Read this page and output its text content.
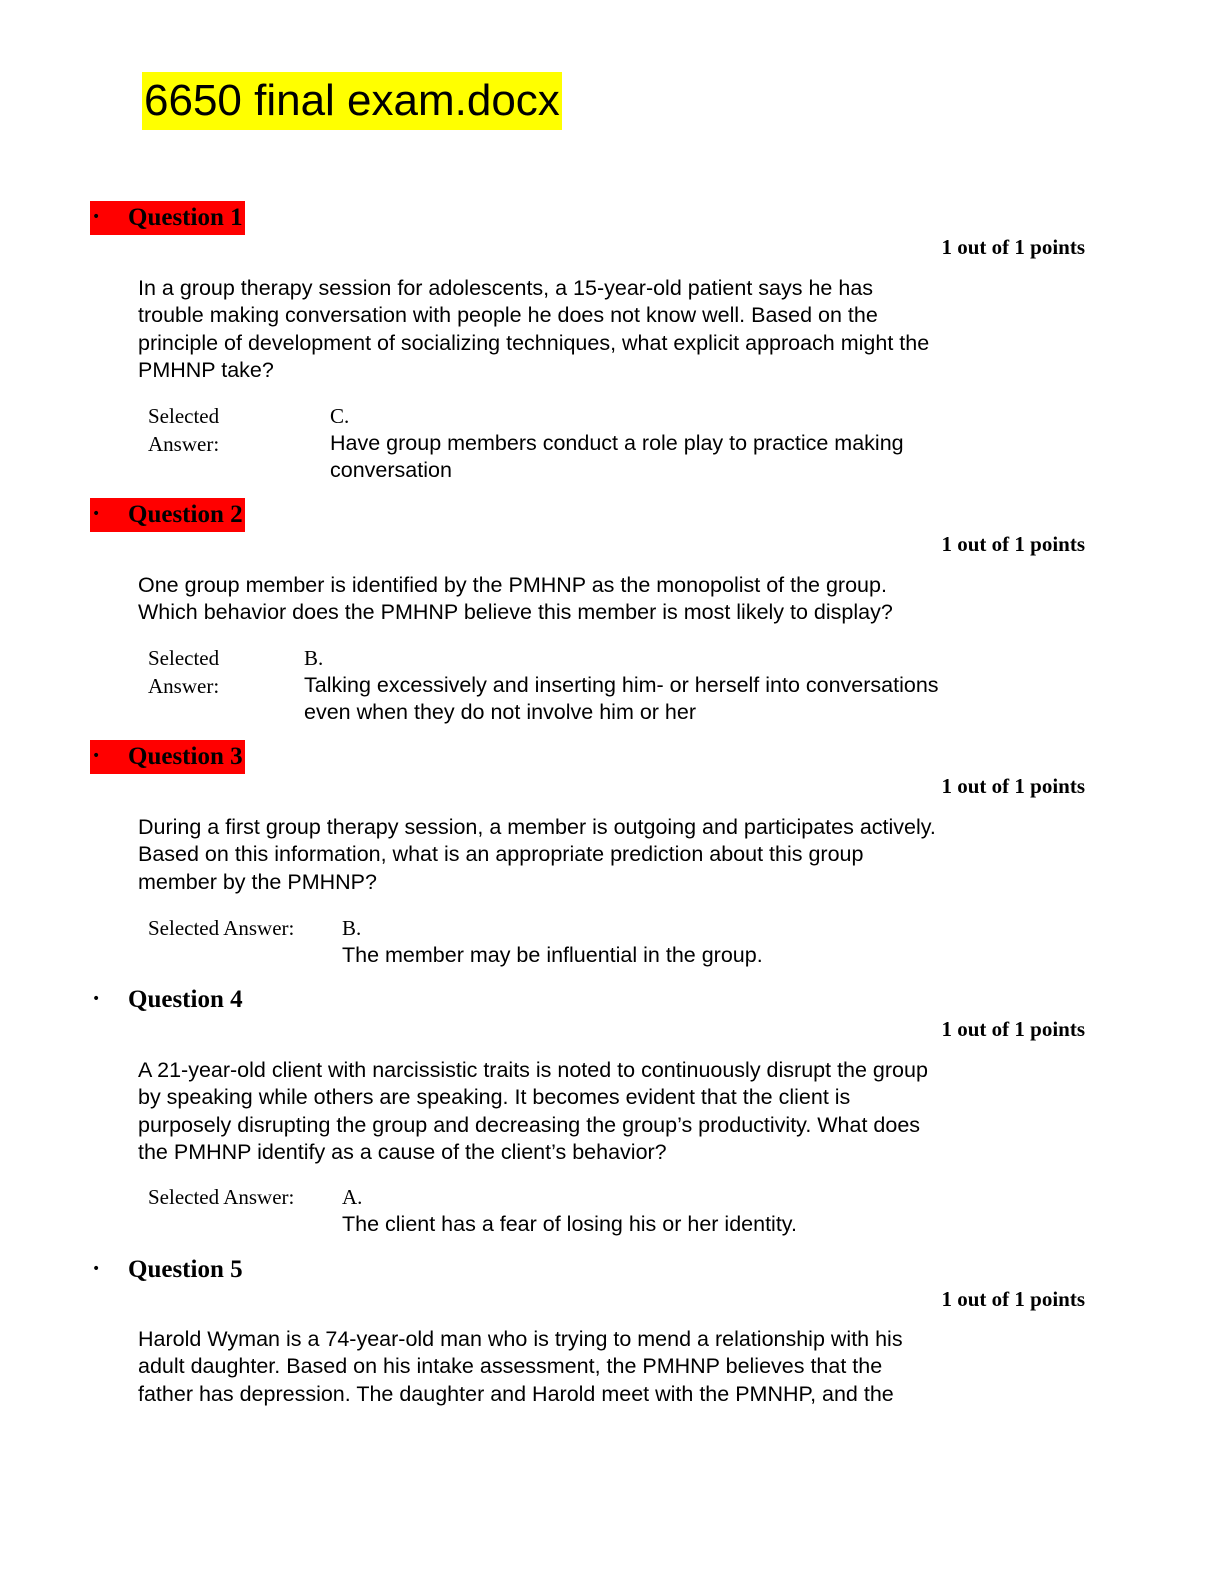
6650 final exam.docx
• Question 1
1 out of 1 points
In a group therapy session for adolescents, a 15-year-old patient says he has
trouble making conversation with people he does not know well. Based on the
principle of development of socializing techniques, what explicit approach might the
PMHNP take?
Selected
Answer:
C.
Have group members conduct a role play to practice making
conversation
• Question 2
1 out of 1 points
One group member is identified by the PMHNP as the monopolist of the group.
Which behavior does the PMHNP believe this member is most likely to display?
Selected
Answer:
B.
Talking excessively and inserting him- or herself into conversations
even when they do not involve him or her
• Question 3
1 out of 1 points
During a first group therapy session, a member is outgoing and participates actively.
Based on this information, what is an appropriate prediction about this group
member by the PMHNP?
Selected Answer: B.
The member may be influential in the group.
• Question 4
1 out of 1 points
A 21-year-old client with narcissistic traits is noted to continuously disrupt the group
by speaking while others are speaking. It becomes evident that the client is
purposely disrupting the group and decreasing the group’s productivity. What does
the PMHNP identify as a cause of the client’s behavior?
Selected Answer: A.
The client has a fear of losing his or her identity.
• Question 5
1 out of 1 points
Harold Wyman is a 74-year-old man who is trying to mend a relationship with his
adult daughter. Based on his intake assessment, the PMHNP believes that the
father has depression. The daughter and Harold meet with the PMNHP, and the
